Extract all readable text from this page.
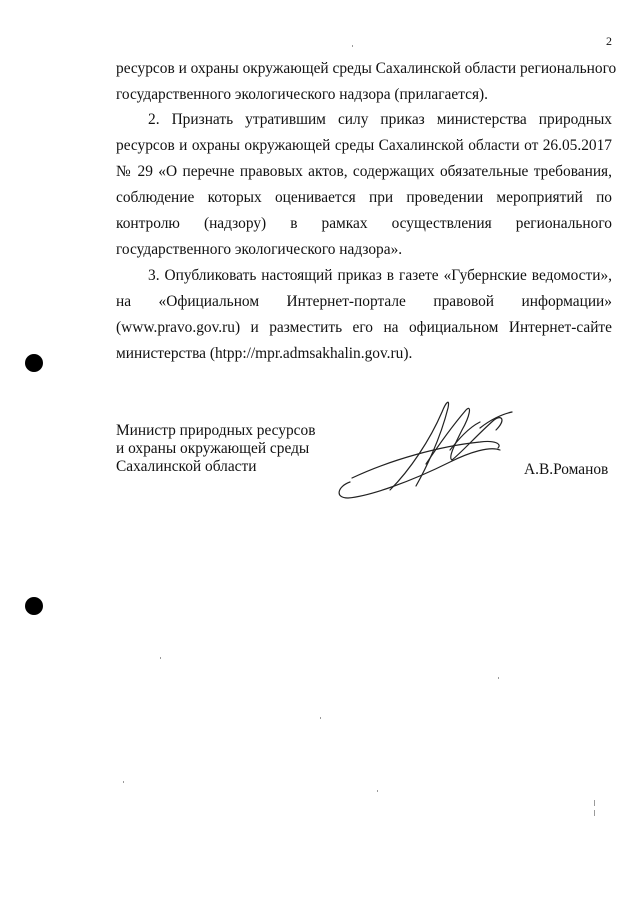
2
ресурсов и охраны окружающей среды Сахалинской области регионального
государственного экологического надзора (прилагается).
2. Признать утратившим силу приказ министерства природных
ресурсов и охраны окружающей среды Сахалинской области от 26.05.2017
№ 29 «О перечне правовых актов, содержащих обязательные требования,
соблюдение которых оценивается при проведении мероприятий по
контролю (надзору) в рамках осуществления регионального
государственного экологического надзора».
3. Опубликовать настоящий приказ в газете «Губернские ведомости»,
на «Официальном Интернет-портале правовой информации»
(www.pravo.gov.ru) и разместить его на официальном Интернет-сайте
министерства (htpp://mpr.admsakhalin.gov.ru).
Министр природных ресурсов
и охраны окружающей среды
Сахалинской области	А.В.Романов
